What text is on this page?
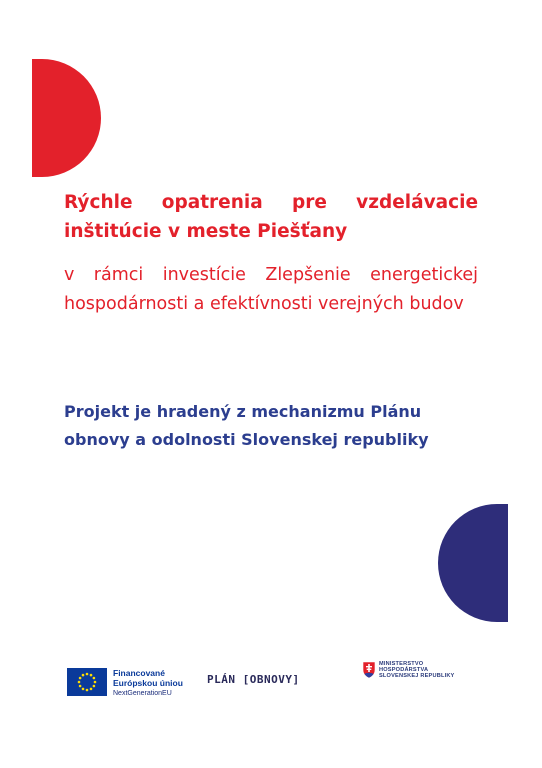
Rýchle opatrenia pre vzdelávacie inštitúcie v meste Piešťany

v rámci investície Zlepšenie energetickej hospodárnosti a efektívnosti verejných budov

Projekt je hradený z mechanizmu Plánu obnovy a odolnosti Slovenskej republiky

Financované
Európskou úniou
NextGenerationEU
PLÁN [OBNOVY]
MINISTERSTVO
HOSPODÁRSTVA
SLOVENSKEJ REPUBLIKY
